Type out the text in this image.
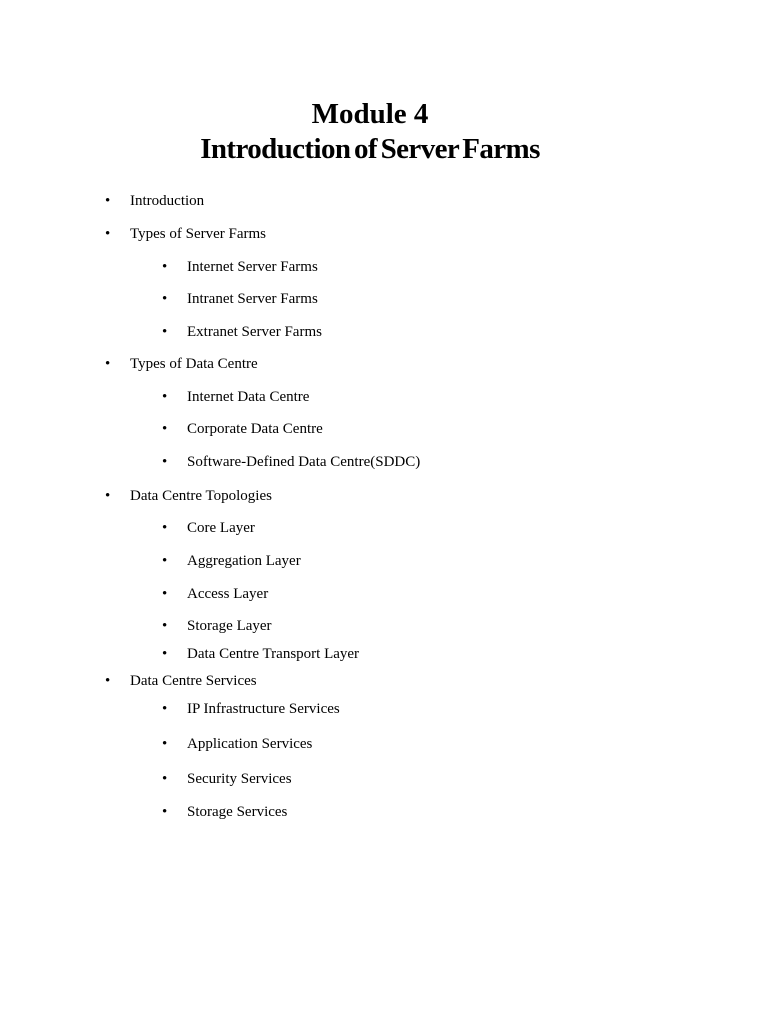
Module 4
Introduction of Server Farms
• Introduction
• Types of Server Farms
• Internet Server Farms
• Intranet Server Farms
• Extranet Server Farms
• Types of Data Centre
• Internet Data Centre
• Corporate Data Centre
• Software-Defined Data Centre(SDDC)
• Data Centre Topologies
• Core Layer
• Aggregation Layer
• Access Layer
• Storage Layer
• Data Centre Transport Layer
• Data Centre Services
• IP Infrastructure Services
• Application Services
• Security Services
• Storage Services
